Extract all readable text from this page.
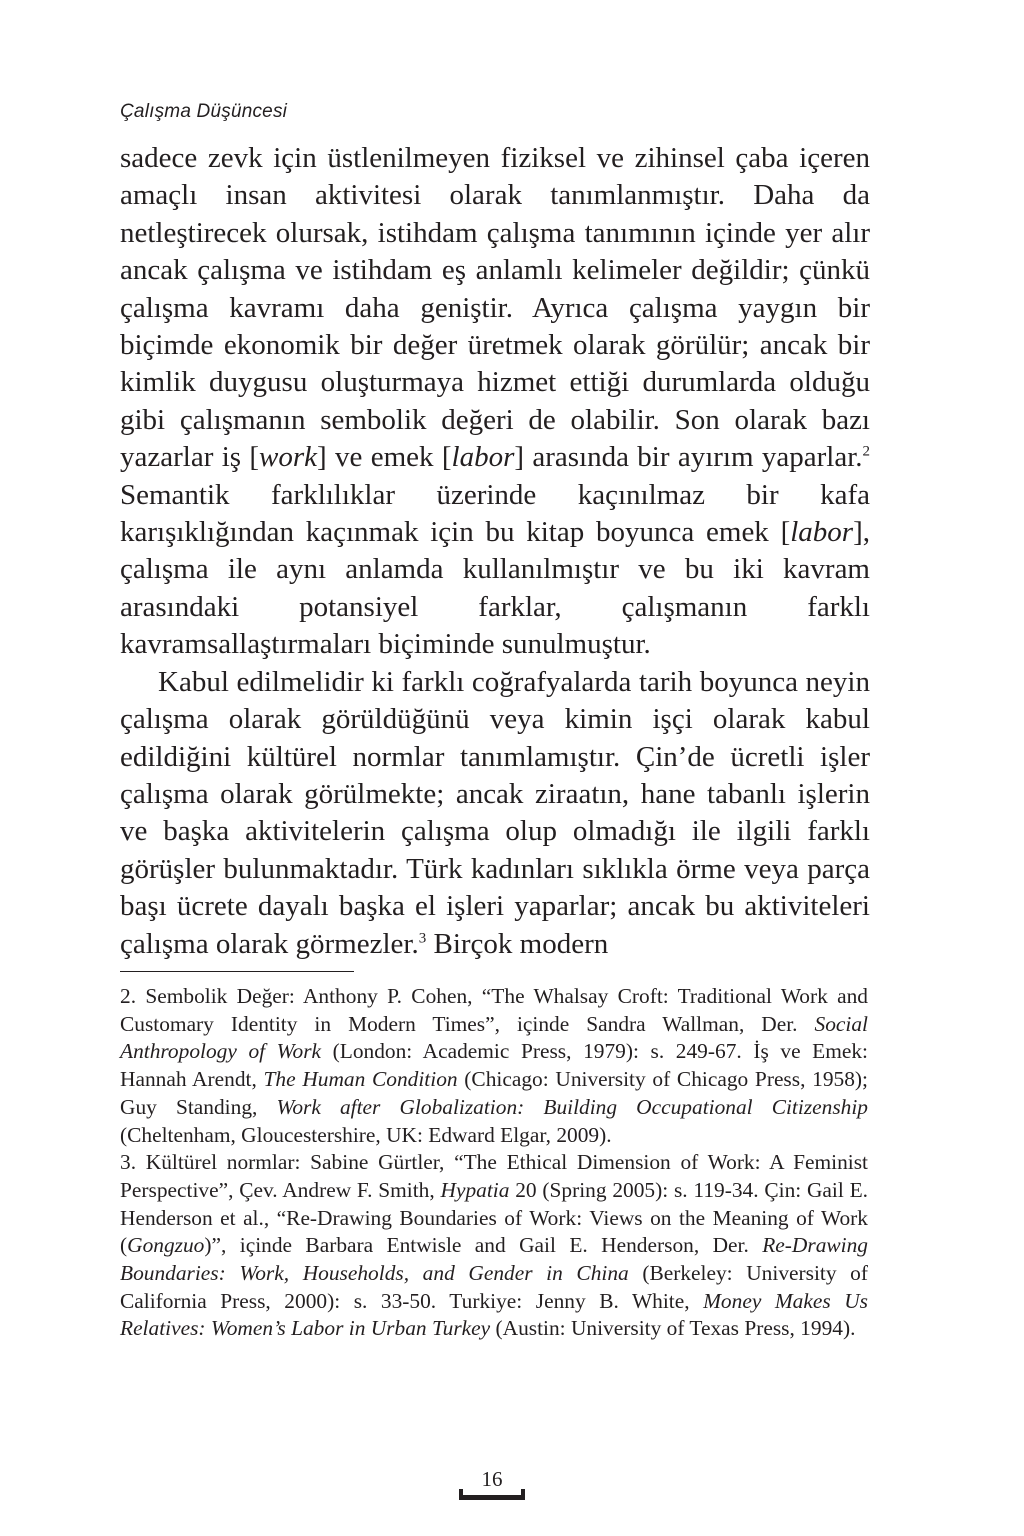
Çalışma Düşüncesi

sadece zevk için üstlenilmeyen fiziksel ve zihinsel çaba içeren amaçlı insan aktivitesi olarak tanımlanmıştır. Daha da netleştirecek olursak, istihdam çalışma tanımının içinde yer alır ancak çalışma ve istihdam eş anlamlı kelimeler değildir; çünkü çalışma kavramı daha geniştir. Ayrıca çalışma yaygın bir biçimde ekonomik bir değer üretmek olarak görülür; ancak bir kimlik duygusu oluşturmaya hizmet ettiği durumlarda olduğu gibi çalışmanın sembolik değeri de olabilir. Son olarak bazı yazarlar iş [work] ve emek [labor] arasında bir ayırım yaparlar.$^2$ Semantik farklılıklar üzerinde kaçınılmaz bir kafa karışıklığından kaçınmak için bu kitap boyunca emek [labor], çalışma ile aynı anlamda kullanılmıştır ve bu iki kavram arasındaki potansiyel farklar, çalışmanın farklı kavramsallaştırmaları biçiminde sunulmuştur.

Kabul edilmelidir ki farklı coğrafyalarda tarih boyunca neyin çalışma olarak görüldüğünü veya kimin işçi olarak kabul edildiğini kültürel normlar tanımlamıştır. Çin’de ücretli işler çalışma olarak görülmekte; ancak ziraatın, hane tabanlı işlerin ve başka aktivitelerin çalışma olup olmadığı ile ilgili farklı görüşler bulunmaktadır. Türk kadınları sıklıkla örme veya parça başı ücrete dayalı başka el işleri yaparlar; ancak bu aktiviteleri çalışma olarak görmezler.$^3$ Birçok modern

2. Sembolik Değer: Anthony P. Cohen, “The Whalsay Croft: Traditional Work and Customary Identity in Modern Times”, içinde Sandra Wallman, Der. Social Anthropology of Work (London: Academic Press, 1979): s. 249-67. İş ve Emek: Hannah Arendt, The Human Condition (Chicago: University of Chicago Press, 1958); Guy Standing, Work after Globalization: Building Occupational Citizenship (Cheltenham, Gloucestershire, UK: Edward Elgar, 2009).

3. Kültürel normlar: Sabine Gürtler, “The Ethical Dimension of Work: A Feminist Perspective”, Çev. Andrew F. Smith, Hypatia 20 (Spring 2005): s. 119-34. Çin: Gail E. Henderson et al., “Re-Drawing Boundaries of Work: Views on the Meaning of Work (Gongzuo)”, içinde Barbara Entwisle and Gail E. Henderson, Der. Re-Drawing Boundaries: Work, Households, and Gender in China (Berkeley: University of California Press, 2000): s. 33-50. Turkiye: Jenny B. White, Money Makes Us Relatives: Women’s Labor in Urban Turkey (Austin: University of Texas Press, 1994).

16
